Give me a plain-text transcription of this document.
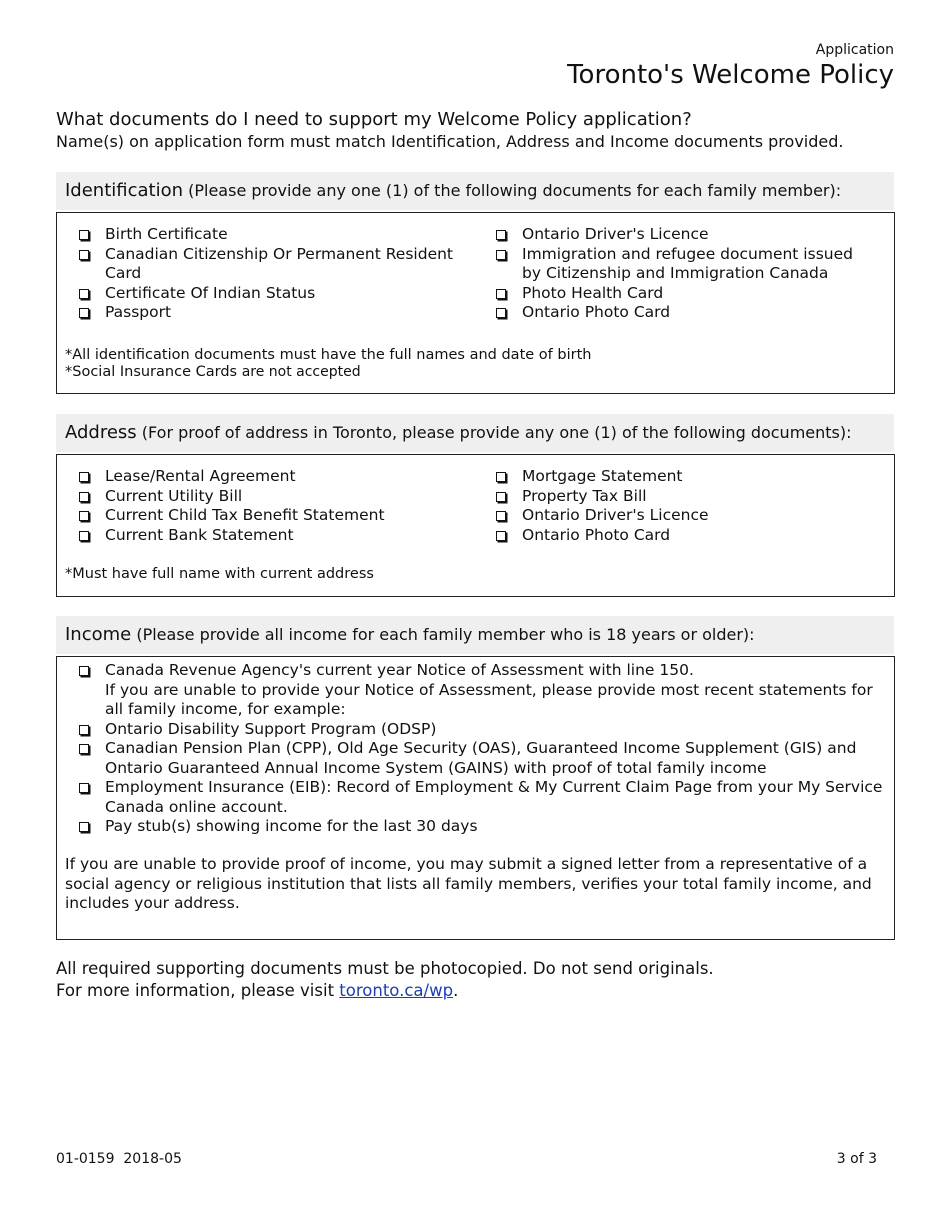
Application
Toronto's Welcome Policy
What documents do I need to support my Welcome Policy application?
Name(s) on application form must match Identification, Address and Income documents provided.
Identification (Please provide any one (1) of the following documents for each family member):
Birth Certificate
Canadian Citizenship Or Permanent Resident Card
Certificate Of Indian Status
Passport
Ontario Driver's Licence
Immigration and refugee document issued by Citizenship and Immigration Canada
Photo Health Card
Ontario Photo Card
*All identification documents must have the full names and date of birth
*Social Insurance Cards are not accepted
Address (For proof of address in Toronto, please provide any one (1) of the following documents):
Lease/Rental Agreement
Current Utility Bill
Current Child Tax Benefit Statement
Current Bank Statement
Mortgage Statement
Property Tax Bill
Ontario Driver's Licence
Ontario Photo Card
*Must have full name with current address
Income (Please provide all income for each family member who is 18 years or older):
Canada Revenue Agency's current year Notice of Assessment with line 150.
If you are unable to provide your Notice of Assessment, please provide most recent statements for all family income, for example:
Ontario Disability Support Program (ODSP)
Canadian Pension Plan (CPP), Old Age Security (OAS), Guaranteed Income Supplement (GIS) and Ontario Guaranteed Annual Income System (GAINS) with proof of total family income
Employment Insurance (EIB): Record of Employment & My Current Claim Page from your My Service Canada online account.
Pay stub(s) showing income for the last 30 days
If you are unable to provide proof of income, you may submit a signed letter from a representative of a social agency or religious institution that lists all family members, verifies your total family income, and includes your address.
All required supporting documents must be photocopied. Do not send originals.
For more information, please visit toronto.ca/wp.
01-0159  2018-05	3 of 3
